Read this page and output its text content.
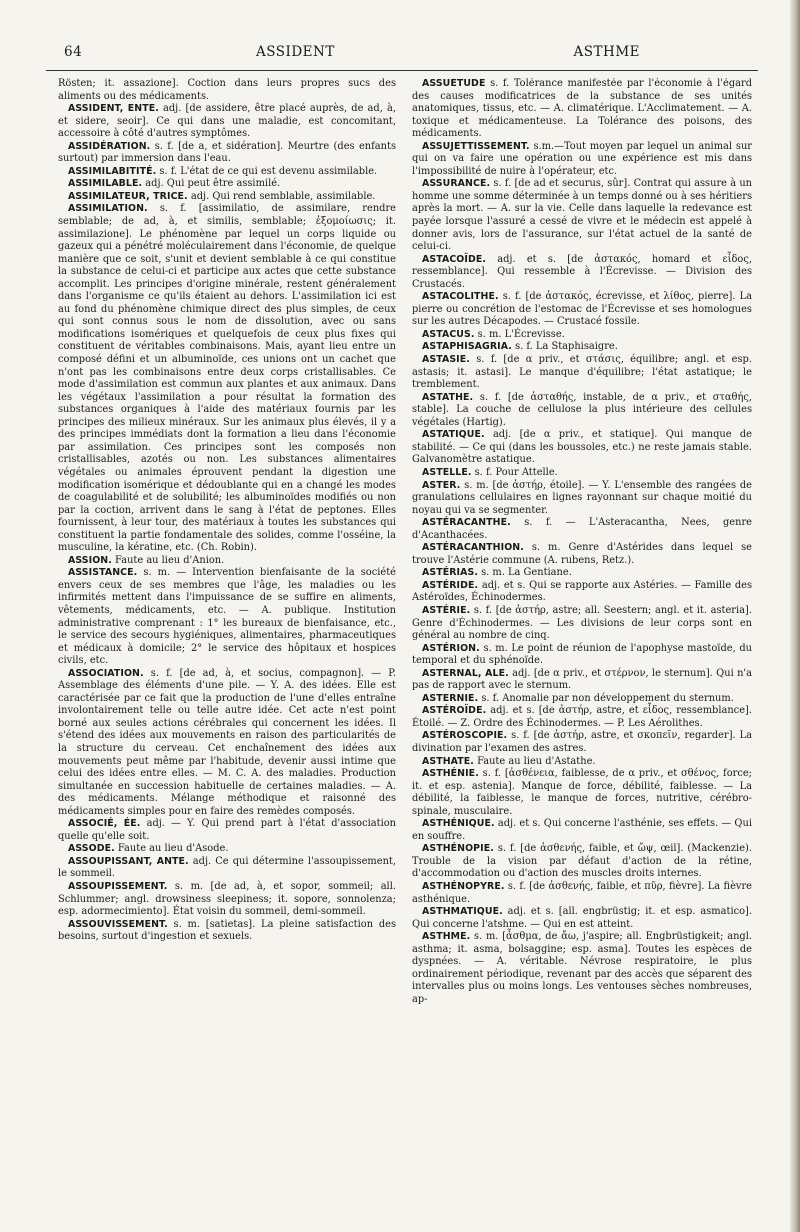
64	ASSIDENT	ASTHME

Rösten; it. assazione]. Coction dans leurs propres sucs des aliments ou des médicaments.

ASSIDENT, ENTE. adj. [de assidere, être placé auprès, de ad, à, et sidere, seoir]. Ce qui dans une maladie, est concomitant, accessoire à côté d'autres symptômes.

ASSIDÉRATION. s. f. [de a, et sidération]. Meurtre (des enfants surtout) par immersion dans l'eau.

ASSIMILABITITÉ. s. f. L'état de ce qui est devenu assimilable.

ASSIMILABLE. adj. Qui peut être assimilé.

ASSIMILATEUR, TRICE. adj. Qui rend semblable, assimilable.

ASSIMILATION. s. f. [assimilatio, de assimilare, rendre semblable; de ad, à, et similis, semblable; ἐξομοίωσις; it. assimilazione]. Le phénomène par lequel un corps liquide ou gazeux qui a pénétré moléculairement dans l'économie, de quelque manière que ce soit, s'unit et devient semblable à ce qui constitue la substance de celui-ci et participe aux actes que cette substance accomplit. Les principes d'origine minérale, restent généralement dans l'organisme ce qu'ils étaient au dehors. L'assimilation ici est au fond du phénomène chimique direct des plus simples, de ceux qui sont connus sous le nom de dissolution, avec ou sans modifications isomériques et quelquefois de ceux plus fixes qui constituent de véritables combinaisons. Mais, ayant lieu entre un composé défini et un albuminoïde, ces unions ont un cachet que n'ont pas les combinaisons entre deux corps cristallisables. Ce mode d'assimilation est commun aux plantes et aux animaux. Dans les végétaux l'assimilation a pour résultat la formation des substances organiques à l'aide des matériaux fournis par les principes des milieux minéraux. Sur les animaux plus élevés, il y a des principes immédiats dont la formation a lieu dans l'économie par assimilation. Ces principes sont les composés non cristallisables, azotés ou non. Les substances alimentaires végétales ou animales éprouvent pendant la digestion une modification isomérique et dédoublante qui en a changé les modes de coagulabilité et de solubilité; les albuminoïdes modifiés ou non par la coction, arrivent dans le sang à l'état de peptones. Elles fournissent, à leur tour, des matériaux à toutes les substances qui constituent la partie fondamentale des solides, comme l'osséine, la musculine, la kératine, etc. (Ch. Robin).

ASSION. Faute au lieu d'Anion.

ASSISTANCE. s. m. — Intervention bienfaisante de la société envers ceux de ses membres que l'âge, les maladies ou les infirmités mettent dans l'impuissance de se suffire en aliments, vêtements, médicaments, etc. — A. publique. Institution administrative comprenant : 1° les bureaux de bienfaisance, etc., le service des secours hygiéniques, alimentaires, pharmaceutiques et médicaux à domicile; 2° le service des hôpitaux et hospices civils, etc.

ASSOCIATION. s. f. [de ad, à, et socius, compagnon]. — P. Assemblage des éléments d'une pile. — Y. A. des idées. Elle est caractérisée par ce fait que la production de l'une d'elles entraîne involontairement telle ou telle autre idée. Cet acte n'est point borné aux seules actions cérébrales qui concernent les idées. Il s'étend des idées aux mouvements en raison des particularités de la structure du cerveau. Cet enchaînement des idées aux mouvements peut même par l'habitude, devenir aussi intime que celui des idées entre elles. — M. C. A. des maladies. Production simultanée en succession habituelle de certaines maladies. — A. des médicaments. Mélange méthodique et raisonné des médicaments simples pour en faire des remèdes composés.

ASSOCIÉ, ÉE. adj. — Y. Qui prend part à l'état d'association quelle qu'elle soit.

ASSODE. Faute au lieu d'Asode.

ASSOUPISSANT, ANTE. adj. Ce qui détermine l'assoupissement, le sommeil.

ASSOUPISSEMENT. s. m. [de ad, à, et sopor, sommeil; all. Schlummer; angl. drowsiness sleepiness; it. sopore, sonnolenza; esp. adormecimiento]. État voisin du sommeil, demi-sommeil.

ASSOUVISSEMENT. s. m. [satietas]. La pleine satisfaction des besoins, surtout d'ingestion et sexuels.

ASSUÉTUDE s. f. Tolérance manifestée par l'économie à l'égard des causes modificatrices de la substance de ses unités anatomiques, tissus, etc. — A. climatérique. L'Acclimatement. — A. toxique et médicamenteuse. La Tolérance des poisons, des médicaments.

ASSUJETTISSEMENT. s.m.—Tout moyen par lequel un animal sur qui on va faire une opération ou une expérience est mis dans l'impossibilité de nuire à l'opérateur, etc.

ASSURANCE. s. f. [de ad et securus, sûr]. Contrat qui assure à un homme une somme déterminée à un temps donné ou à ses héritiers après la mort. — A. sur la vie. Celle dans laquelle la redevance est payée lorsque l'assuré a cessé de vivre et le médecin est appelé à donner avis, lors de l'assurance, sur l'état actuel de la santé de celui-ci.

ASTACOÏDE. adj. et s. [de ἀστακός, homard et εἶδος, ressemblance]. Qui ressemble à l'Écrevisse. — Division des Crustacés.

ASTACOLITHE. s. f. [de ἀστακός, écrevisse, et λίθος, pierre]. La pierre ou concrétion de l'estomac de l'Écrevisse et ses homologues sur les autres Décapodes. — Crustacé fossile.

ASTACUS. s. m. L'Écrevisse.

ASTAPHISAGRIA. s. f. La Staphisaigre.

ASTASIE. s. f. [de α priv., et στάσις, équilibre; angl. et esp. astasis; it. astasi]. Le manque d'équilibre; l'état astatique; le tremblement.

ASTATHE. s. f. [de ἀσταθής, instable, de α priv., et σταθής, stable]. La couche de cellulose la plus intérieure des cellules végétales (Hartig).

ASTATIQUE. adj. [de α priv., et statique]. Qui manque de stabilité. — Ce qui (dans les boussoles, etc.) ne reste jamais stable. Galvanomètre astatique.

ASTELLE. s. f. Pour Attelle.

ASTER. s. m. [de ἀστήρ, étoile]. — Y. L'ensemble des rangées de granulations cellulaires en lignes rayonnant sur chaque moitié du noyau qui va se segmenter.

ASTÉRACANTHE. s. f. — L'Asteracantha, Nees, genre d'Acanthacées.

ASTÉRACANTHION. s. m. Genre d'Astérides dans lequel se trouve l'Astérie commune (A. rubens, Retz.).

ASTÉRIAS. s. m. La Gentiane.

ASTÉRIDE. adj. et s. Qui se rapporte aux Astéries. — Famille des Astéroïdes, Échinodermes.

ASTÉRIE. s. f. [de ἀστήρ, astre; all. Seestern; angl. et it. asteria]. Genre d'Échinodermes. — Les divisions de leur corps sont en général au nombre de cinq.

ASTÉRION. s. m. Le point de réunion de l'apophyse mastoïde, du temporal et du sphénoïde.

ASTERNAL, ALE. adj. [de α priv., et στέρνον, le sternum]. Qui n'a pas de rapport avec le sternum.

ASTERNIE. s. f. Anomalie par non développement du sternum.

ASTÉROÏDE. adj. et s. [de ἀστήρ, astre, et εἶδος, ressemblance]. Étoilé. — Z. Ordre des Échinodermes. — P. Les Aérolithes.

ASTÉROSCOPIE. s. f. [de ἀστήρ, astre, et σκοπεῖν, regarder]. La divination par l'examen des astres.

ASTHATE. Faute au lieu d'Astathe.

ASTHÉNIE. s. f. [ἀσθένεια, faiblesse, de α priv., et σθένος, force; it. et esp. astenia]. Manque de force, débilité, faiblesse. — La débilité, la faiblesse, le manque de forces, nutritive, cérébro-spinale, musculaire.

ASTHÉNIQUE. adj. et s. Qui concerne l'asthénie, ses effets. — Qui en souffre.

ASTHÉNOPIE. s. f. [de ἀσθενής, faible, et ὤψ, œil]. (Mackenzie). Trouble de la vision par défaut d'action de la rétine, d'accommodation ou d'action des muscles droits internes.

ASTHÉNOPYRE. s. f. [de ἀσθενής, faible, et πῦρ, fièvre]. La fièvre asthénique.

ASTHMATIQUE. adj. et s. [all. engbrüstig; it. et esp. asmatico]. Qui concerne l'atshme. — Qui en est atteint.

ASTHME. s. m. [ἆσθμα, de ἄω, j'aspire; all. Engbrüstigkeit; angl. asthma; it. asma, bolsaggine; esp. asma]. Toutes les espèces de dyspnées. — A. véritable. Névrose respiratoire, le plus ordinairement périodique, revenant par des accès que séparent des intervalles plus ou moins longs. Les ventouses sèches nombreuses, ap-
